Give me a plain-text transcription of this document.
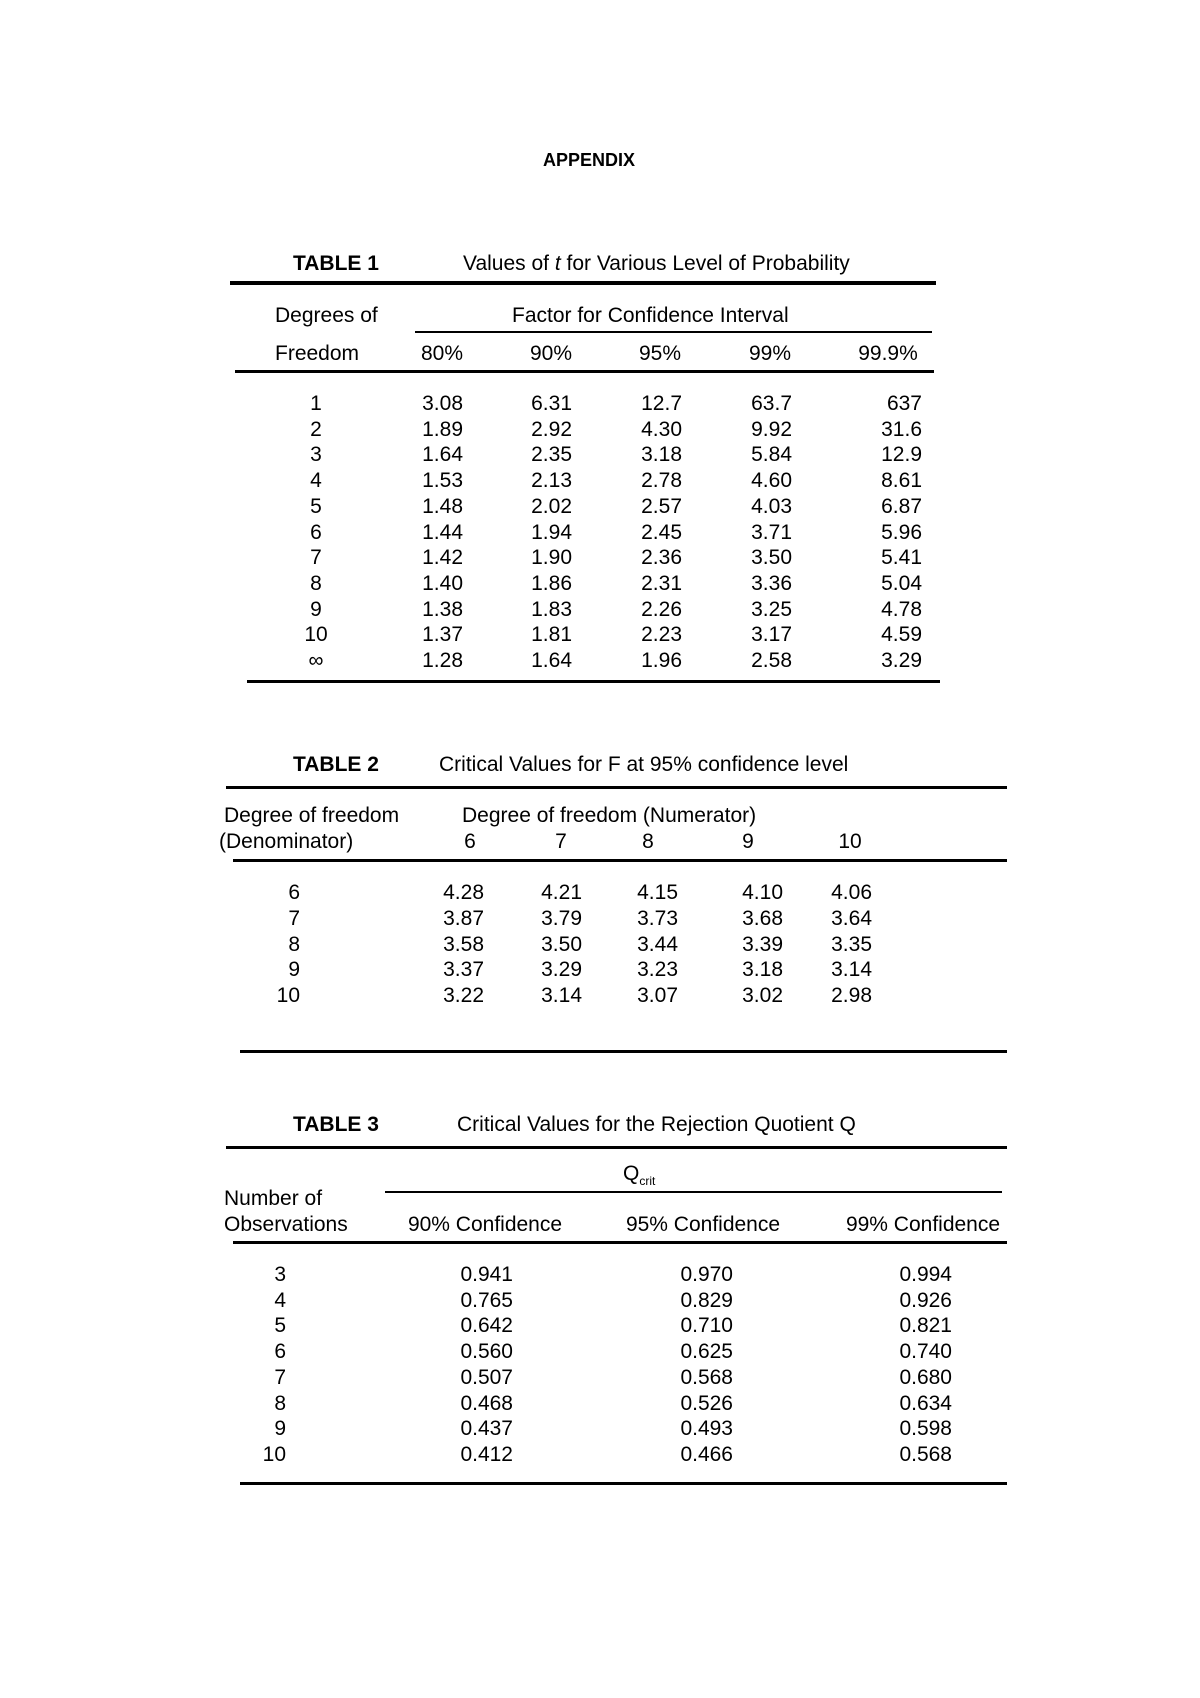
APPENDIX
TABLE 1	Values of t for Various Level of Probability
Degrees of	Factor for Confidence Interval
Freedom	80%	90%	95%	99%	99.9%
1	3.08	6.31	12.7	63.7	637
2	1.89	2.92	4.30	9.92	31.6
3	1.64	2.35	3.18	5.84	12.9
4	1.53	2.13	2.78	4.60	8.61
5	1.48	2.02	2.57	4.03	6.87
6	1.44	1.94	2.45	3.71	5.96
7	1.42	1.90	2.36	3.50	5.41
8	1.40	1.86	2.31	3.36	5.04
9	1.38	1.83	2.26	3.25	4.78
10	1.37	1.81	2.23	3.17	4.59
∞	1.28	1.64	1.96	2.58	3.29
TABLE 2	Critical Values for F at 95% confidence level
Degree of freedom	Degree of freedom (Numerator)
(Denominator)	6	7	8	9	10
6	4.28	4.21	4.15	4.10	4.06
7	3.87	3.79	3.73	3.68	3.64
8	3.58	3.50	3.44	3.39	3.35
9	3.37	3.29	3.23	3.18	3.14
10	3.22	3.14	3.07	3.02	2.98
TABLE 3	Critical Values for the Rejection Quotient Q
$Q_{crit}$
Number of
Observations	90% Confidence	95% Confidence	99% Confidence
3	0.941	0.970	0.994
4	0.765	0.829	0.926
5	0.642	0.710	0.821
6	0.560	0.625	0.740
7	0.507	0.568	0.680
8	0.468	0.526	0.634
9	0.437	0.493	0.598
10	0.412	0.466	0.568
